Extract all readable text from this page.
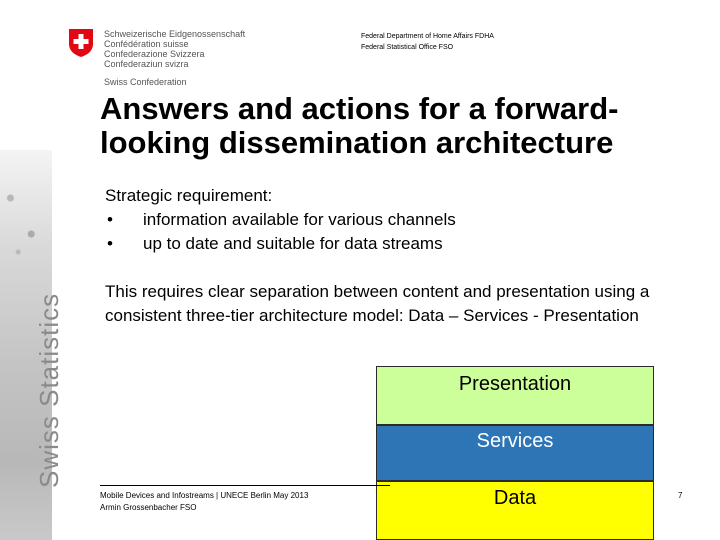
Swiss Statistics
Schweizerische Eidgenossenschaft
Confédération suisse
Confederazione Svizzera
Confederaziun svizra
Swiss Confederation
Federal Department of Home Affairs FDHA
Federal Statistical Office FSO
Answers and actions for a forward-looking dissemination architecture

Strategic requirement:

•	information available for various channels
•	up to date and suitable for data streams

This requires clear separation between content and presentation using a consistent three-tier architecture model: Data – Services - Presentation

Presentation
Services
Data
Mobile Devices and Infostreams | UNECE Berlin May 2013
Armin Grossenbacher FSO
7
